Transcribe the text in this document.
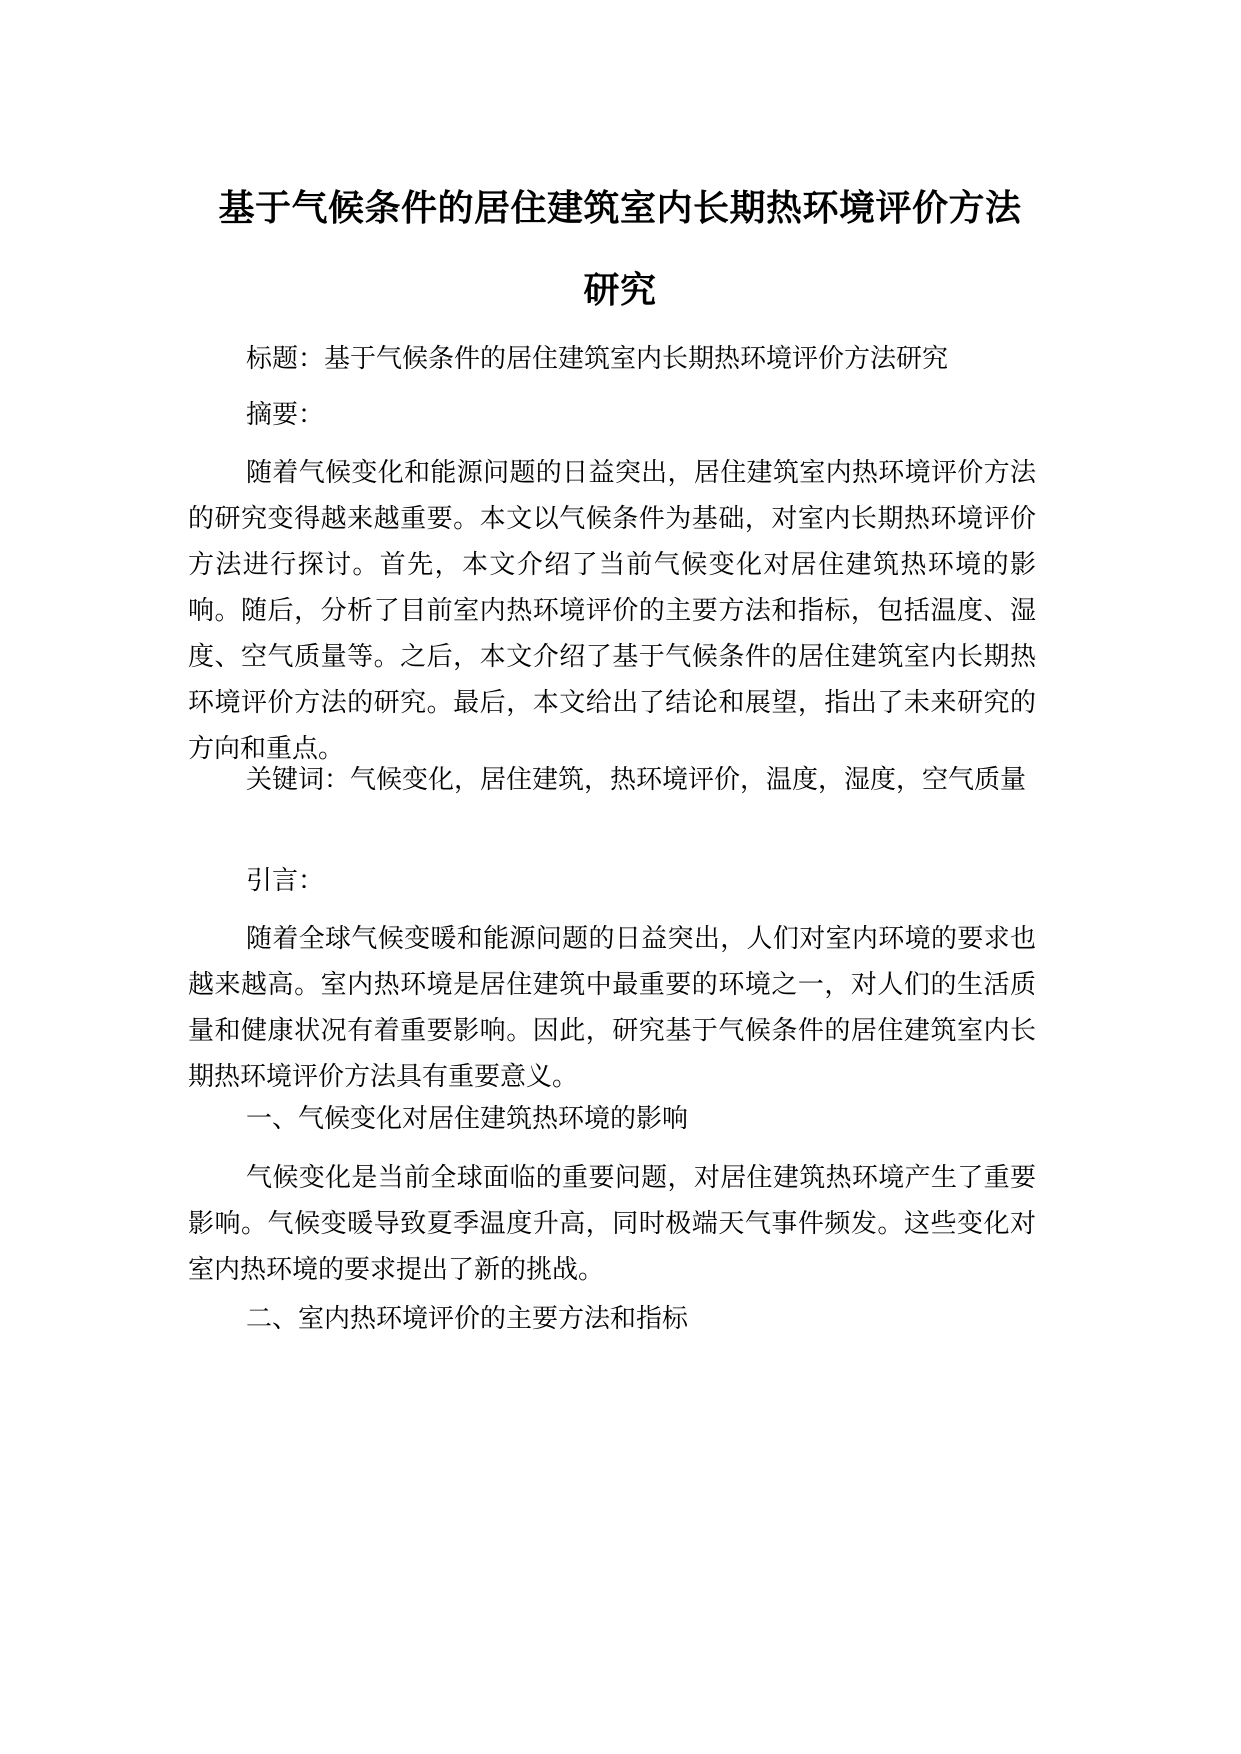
基于气候条件的居住建筑室内长期热环境评价方法
研究

标题：基于气候条件的居住建筑室内长期热环境评价方法研究

摘要：

随着气候变化和能源问题的日益突出，居住建筑室内热环境评价方法的研究变得越来越重要。本文以气候条件为基础，对室内长期热环境评价方法进行探讨。首先，本文介绍了当前气候变化对居住建筑热环境的影响。随后，分析了目前室内热环境评价的主要方法和指标，包括温度、湿度、空气质量等。之后，本文介绍了基于气候条件的居住建筑室内长期热环境评价方法的研究。最后，本文给出了结论和展望，指出了未来研究的方向和重点。

关键词：气候变化，居住建筑，热环境评价，温度，湿度，空气质量

引言：

随着全球气候变暖和能源问题的日益突出，人们对室内环境的要求也越来越高。室内热环境是居住建筑中最重要的环境之一，对人们的生活质量和健康状况有着重要影响。因此，研究基于气候条件的居住建筑室内长期热环境评价方法具有重要意义。

一、气候变化对居住建筑热环境的影响

气候变化是当前全球面临的重要问题，对居住建筑热环境产生了重要影响。气候变暖导致夏季温度升高，同时极端天气事件频发。这些变化对室内热环境的要求提出了新的挑战。

二、室内热环境评价的主要方法和指标
